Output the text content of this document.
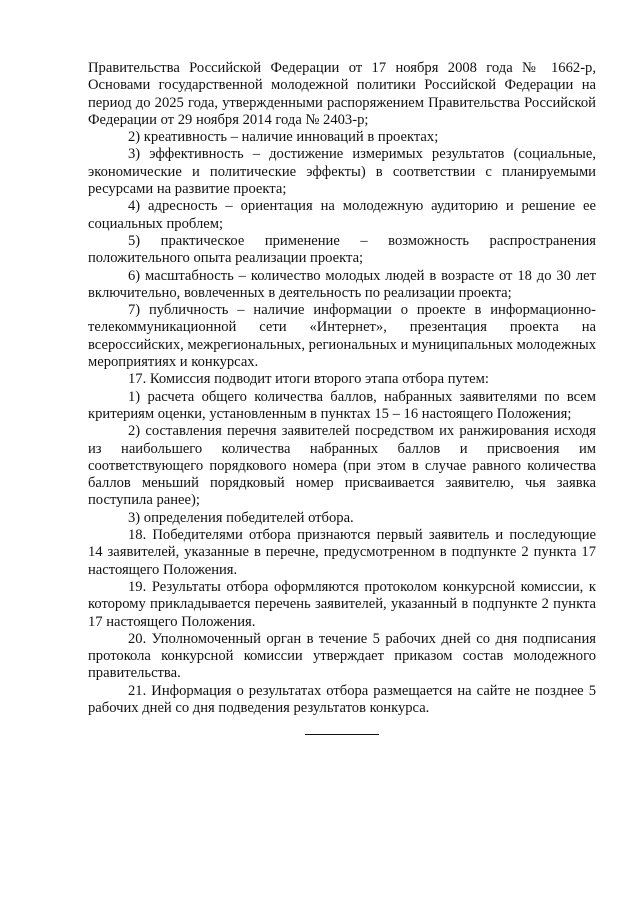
Правительства Российской Федерации от 17 ноября 2008 года № 1662-р, Основами государственной молодежной политики Российской Федерации на период до 2025 года, утвержденными распоряжением Правительства Российской Федерации от 29 ноября 2014 года № 2403-р;

2) креативность – наличие инноваций в проектах;

3) эффективность – достижение измеримых результатов (социальные, экономические и политические эффекты) в соответствии с планируемыми ресурсами на развитие проекта;

4) адресность – ориентация на молодежную аудиторию и решение ее социальных проблем;

5) практическое применение – возможность распространения положительного опыта реализации проекта;

6) масштабность – количество молодых людей в возрасте от 18 до 30 лет включительно, вовлеченных в деятельность по реализации проекта;

7) публичность – наличие информации о проекте в информационно-телекоммуникационной сети «Интернет», презентация проекта на всероссийских, межрегиональных, региональных и муниципальных молодежных мероприятиях и конкурсах.

17. Комиссия подводит итоги второго этапа отбора путем:

1) расчета общего количества баллов, набранных заявителями по всем критериям оценки, установленным в пунктах 15 – 16 настоящего Положения;

2) составления перечня заявителей посредством их ранжирования исходя из наибольшего количества набранных баллов и присвоения им соответствующего порядкового номера (при этом в случае равного количества баллов меньший порядковый номер присваивается заявителю, чья заявка поступила ранее);

3) определения победителей отбора.

18. Победителями отбора признаются первый заявитель и последующие 14 заявителей, указанные в перечне, предусмотренном в подпункте 2 пункта 17 настоящего Положения.

19. Результаты отбора оформляются протоколом конкурсной комиссии, к которому прикладывается перечень заявителей, указанный в подпункте 2 пункта 17 настоящего Положения.

20. Уполномоченный орган в течение 5 рабочих дней со дня подписания протокола конкурсной комиссии утверждает приказом состав молодежного правительства.

21. Информация о результатах отбора размещается на сайте не позднее 5 рабочих дней со дня подведения результатов конкурса.
